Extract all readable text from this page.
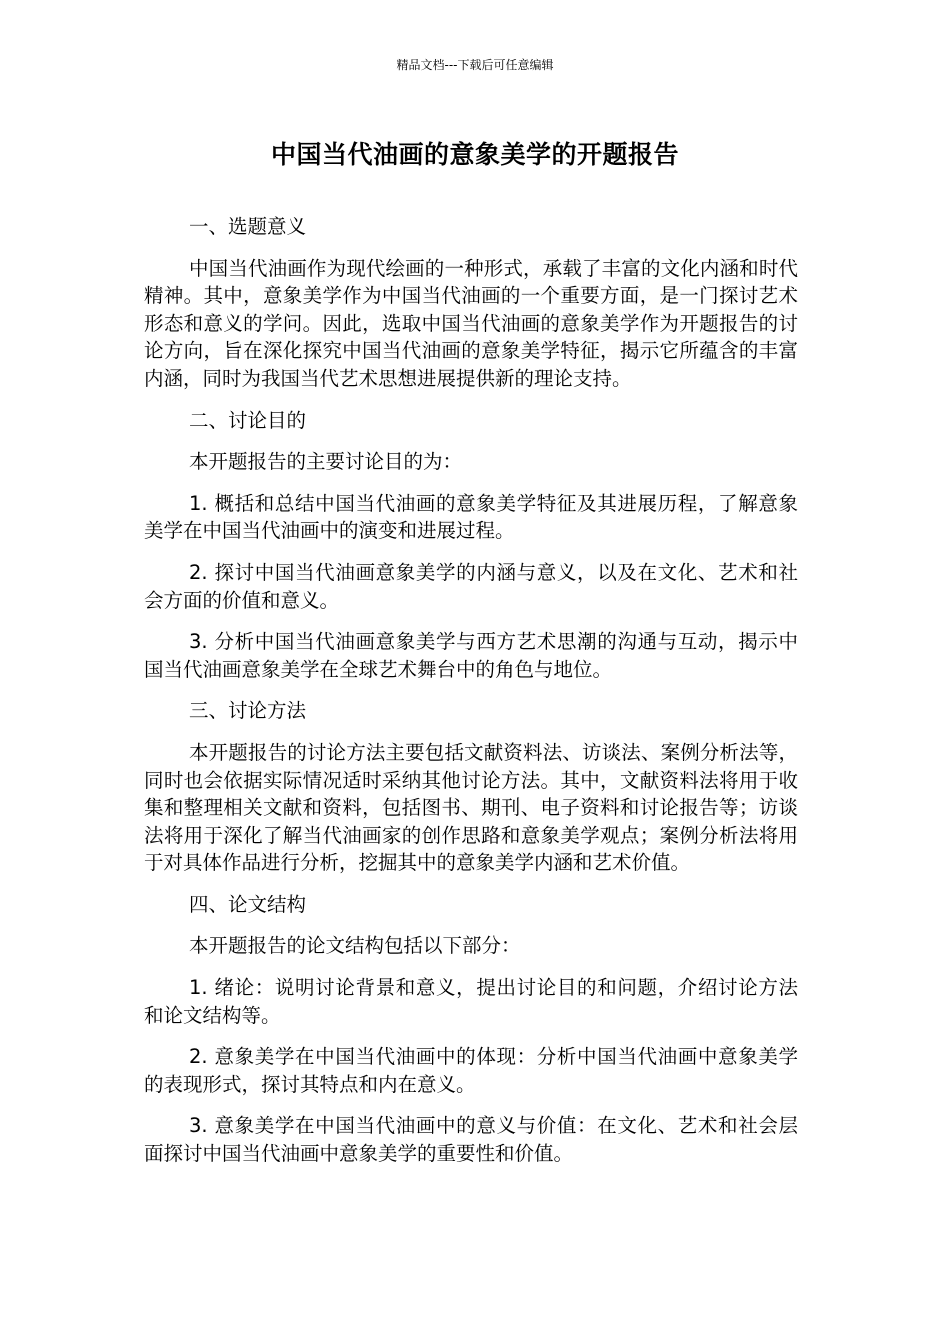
精品文档---下载后可任意编辑
中国当代油画的意象美学的开题报告

一、选题意义

中国当代油画作为现代绘画的一种形式，承载了丰富的文化内涵和时代精神。其中，意象美学作为中国当代油画的一个重要方面，是一门探讨艺术形态和意义的学问。因此，选取中国当代油画的意象美学作为开题报告的讨论方向，旨在深化探究中国当代油画的意象美学特征，揭示它所蕴含的丰富内涵，同时为我国当代艺术思想进展提供新的理论支持。

二、讨论目的

本开题报告的主要讨论目的为：

1. 概括和总结中国当代油画的意象美学特征及其进展历程，了解意象美学在中国当代油画中的演变和进展过程。

2. 探讨中国当代油画意象美学的内涵与意义，以及在文化、艺术和社会方面的价值和意义。

3. 分析中国当代油画意象美学与西方艺术思潮的沟通与互动，揭示中国当代油画意象美学在全球艺术舞台中的角色与地位。

三、讨论方法

本开题报告的讨论方法主要包括文献资料法、访谈法、案例分析法等，同时也会依据实际情况适时采纳其他讨论方法。其中，文献资料法将用于收集和整理相关文献和资料，包括图书、期刊、电子资料和讨论报告等；访谈法将用于深化了解当代油画家的创作思路和意象美学观点；案例分析法将用于对具体作品进行分析，挖掘其中的意象美学内涵和艺术价值。

四、论文结构

本开题报告的论文结构包括以下部分：

1. 绪论：说明讨论背景和意义，提出讨论目的和问题，介绍讨论方法和论文结构等。

2. 意象美学在中国当代油画中的体现：分析中国当代油画中意象美学的表现形式，探讨其特点和内在意义。

3. 意象美学在中国当代油画中的意义与价值：在文化、艺术和社会层面探讨中国当代油画中意象美学的重要性和价值。
